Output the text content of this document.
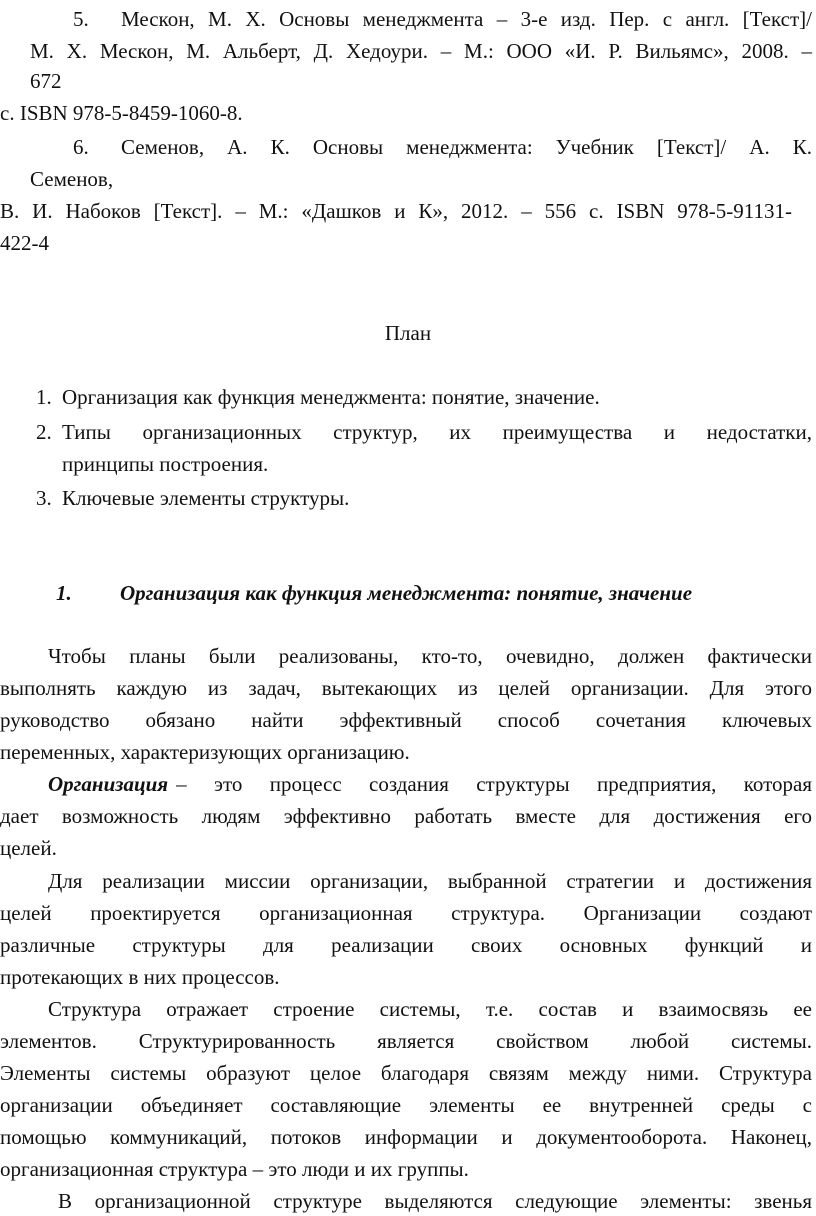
5. Мескон, М. Х. Основы менеджмента – 3-е изд. Пер. с англ. [Текст]/
М. Х. Мескон, М. Альберт, Д. Хедоури. – М.: ООО «И. Р. Вильямс», 2008. –
672
с. ISBN 978-5-8459-1060-8.
6. Семенов, А. К. Основы менеджмента: Учебник [Текст]/ А. К.
Семенов,
В. И. Набоков [Текст]. – М.: «Дашков и К», 2012. – 556 с. ISBN 978-5-91131-
422-4
План
1. Организация как функция менеджмента: понятие, значение.
2. Типы организационных структур, их преимущества и недостатки,
принципы построения.
3. Ключевые элементы структуры.
1. Организация как функция менеджмента: понятие, значение
Чтобы планы были реализованы, кто-то, очевидно, должен фактически
выполнять каждую из задач, вытекающих из целей организации. Для этого
руководство обязано найти эффективный способ сочетания ключевых
переменных, характеризующих организацию.
Организация – это процесс создания структуры предприятия, которая
дает возможность людям эффективно работать вместе для достижения его
целей.
Для реализации миссии организации, выбранной стратегии и достижения
целей проектируется организационная структура. Организации создают
различные структуры для реализации своих основных функций и
протекающих в них процессов.
Структура отражает строение системы, т.е. состав и взаимосвязь ее
элементов. Структурированность является свойством любой системы.
Элементы системы образуют целое благодаря связям между ними. Структура
организации объединяет составляющие элементы ее внутренней среды с
помощью коммуникаций, потоков информации и документооборота. Наконец,
организационная структура – это люди и их группы.
В организационной структуре выделяются следующие элементы: звенья
